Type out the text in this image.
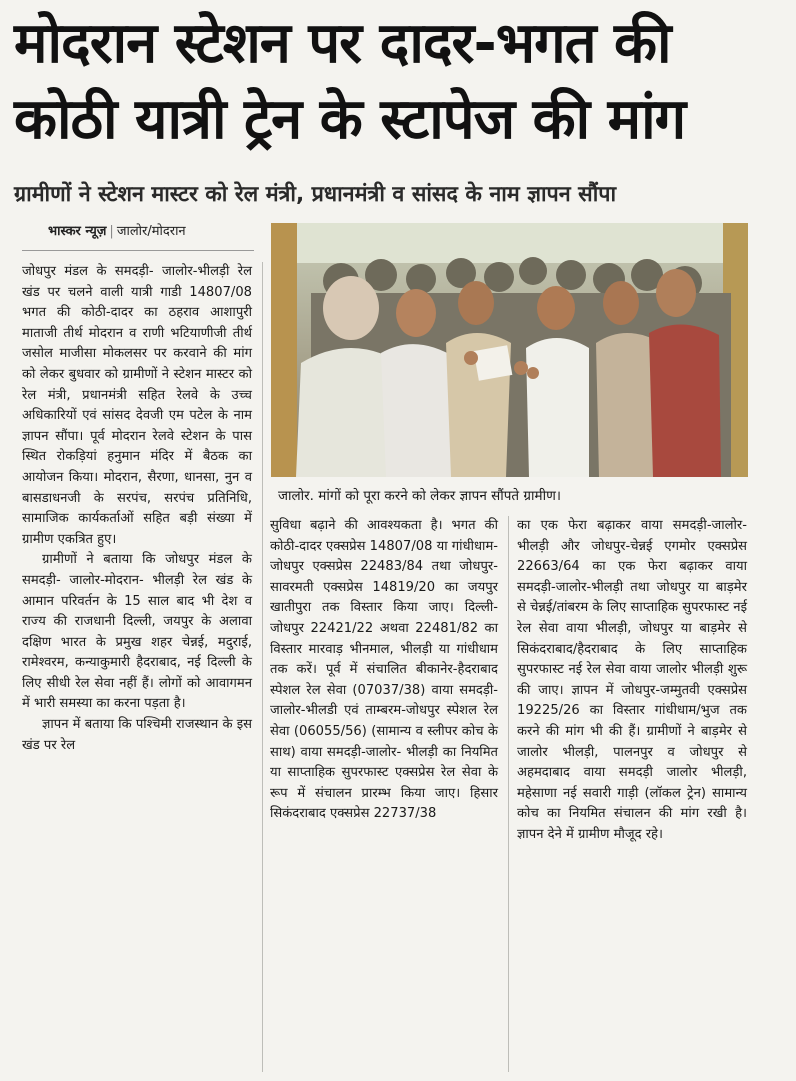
मोदरान स्टेशन पर दादर-भगत की
कोठी यात्री ट्रेन के स्टापेज की मांग
ग्रामीणों ने स्टेशन मास्टर को रेल मंत्री, प्रधानमंत्री व सांसद के नाम ज्ञापन सौंपा
भास्कर न्यूज़ | जालोर/मोदरान

जोधपुर मंडल के समदड़ी- जालोर-भीलड़ी रेल खंड पर चलने वाली यात्री गाडी 14807/08 भगत की कोठी-दादर का ठहराव आशापुरी माताजी तीर्थ मोदरान व राणी भटियाणीजी तीर्थ जसोल माजीसा मोकलसर पर करवाने की मांग को लेकर बुधवार को ग्रामीणों ने स्टेशन मास्टर को रेल मंत्री, प्रधानमंत्री सहित रेलवे के उच्च अधिकारियों एवं सांसद देवजी एम पटेल के नाम ज्ञापन सौंपा। पूर्व मोदरान रेलवे स्टेशन के पास स्थित रोकड़ियां हनुमान मंदिर में बैठक का आयोजन किया। मोदरान, सैरणा, धानसा, नुन व बासडाधनजी के सरपंच, सरपंच प्रतिनिधि, सामाजिक कार्यकर्ताओं सहित बड़ी संख्या में ग्रामीण एकत्रित हुए।

ग्रामीणों ने बताया कि जोधपुर मंडल के समदड़ी- जालोर-मोदरान- भीलड़ी रेल खंड के आमान परिवर्तन के 15 साल बाद भी देश व राज्य की राजधानी दिल्ली, जयपुर के अलावा दक्षिण भारत के प्रमुख शहर चेन्नई, मदुराई, रामेश्वरम, कन्याकुमारी हैदराबाद, नई दिल्ली के लिए सीधी रेल सेवा नहीं हैं। लोगों को आवागमन में भारी समस्या का करना पड़ता है।

ज्ञापन में बताया कि पश्चिमी राजस्थान के इस खंड पर रेल

जालोर. मांगों को पूरा करने को लेकर ज्ञापन सौंपते ग्रामीण।

सुविधा बढ़ाने की आवश्यकता है। भगत की कोठी-दादर एक्सप्रेस 14807/08 या गांधीधाम-जोधपुर एक्सप्रेस 22483/84 तथा जोधपुर-सावरमती एक्सप्रेस 14819/20 का जयपुर खातीपुरा तक विस्तार किया जाए। दिल्ली-जोधपुर 22421/22 अथवा 22481/82 का विस्तार मारवाड़ भीनमाल, भीलड़ी या गांधीधाम तक करें। पूर्व में संचालित बीकानेर-हैदराबाद स्पेशल रेल सेवा (07037/38) वाया समदड़ी-जालोर-भीलडी एवं ताम्बरम-जोधपुर स्पेशल रेल सेवा (06055/56) (सामान्य व स्लीपर कोच के साथ) वाया समदड़ी-जालोर- भीलड़ी का नियमित या साप्ताहिक सुपरफास्ट एक्सप्रेस रेल सेवा के रूप में संचालन प्रारम्भ किया जाए। हिसार सिकंदराबाद एक्सप्रेस 22737/38

का एक फेरा बढ़ाकर वाया समदड़ी-जालोर- भीलड़ी और जोधपुर-चेन्नई एगमोर एक्सप्रेस 22663/64 का एक फेरा बढ़ाकर वाया समदड़ी-जालोर-भीलड़ी तथा जोधपुर या बाड़मेर से चेन्नई/तांबरम के लिए साप्ताहिक सुपरफास्ट नई रेल सेवा वाया भीलड़ी, जोधपुर या बाड़मेर से सिकंदराबाद/हैदराबाद के लिए साप्ताहिक सुपरफास्ट नई रेल सेवा वाया जालोर भीलड़ी शुरू की जाए। ज्ञापन में जोधपुर-जम्मुतवी एक्सप्रेस 19225/26 का विस्तार गांधीधाम/भुज तक करने की मांग भी की हैं। ग्रामीणों ने बाड़मेर से जालोर भीलड़ी, पालनपुर व जोधपुर से अहमदाबाद वाया समदड़ी जालोर भीलड़ी, महेसाणा नई सवारी गाड़ी (लॉकल ट्रेन) सामान्य कोच का नियमित संचालन की मांग रखी है। ज्ञापन देने में ग्रामीण मौजूद रहे।
